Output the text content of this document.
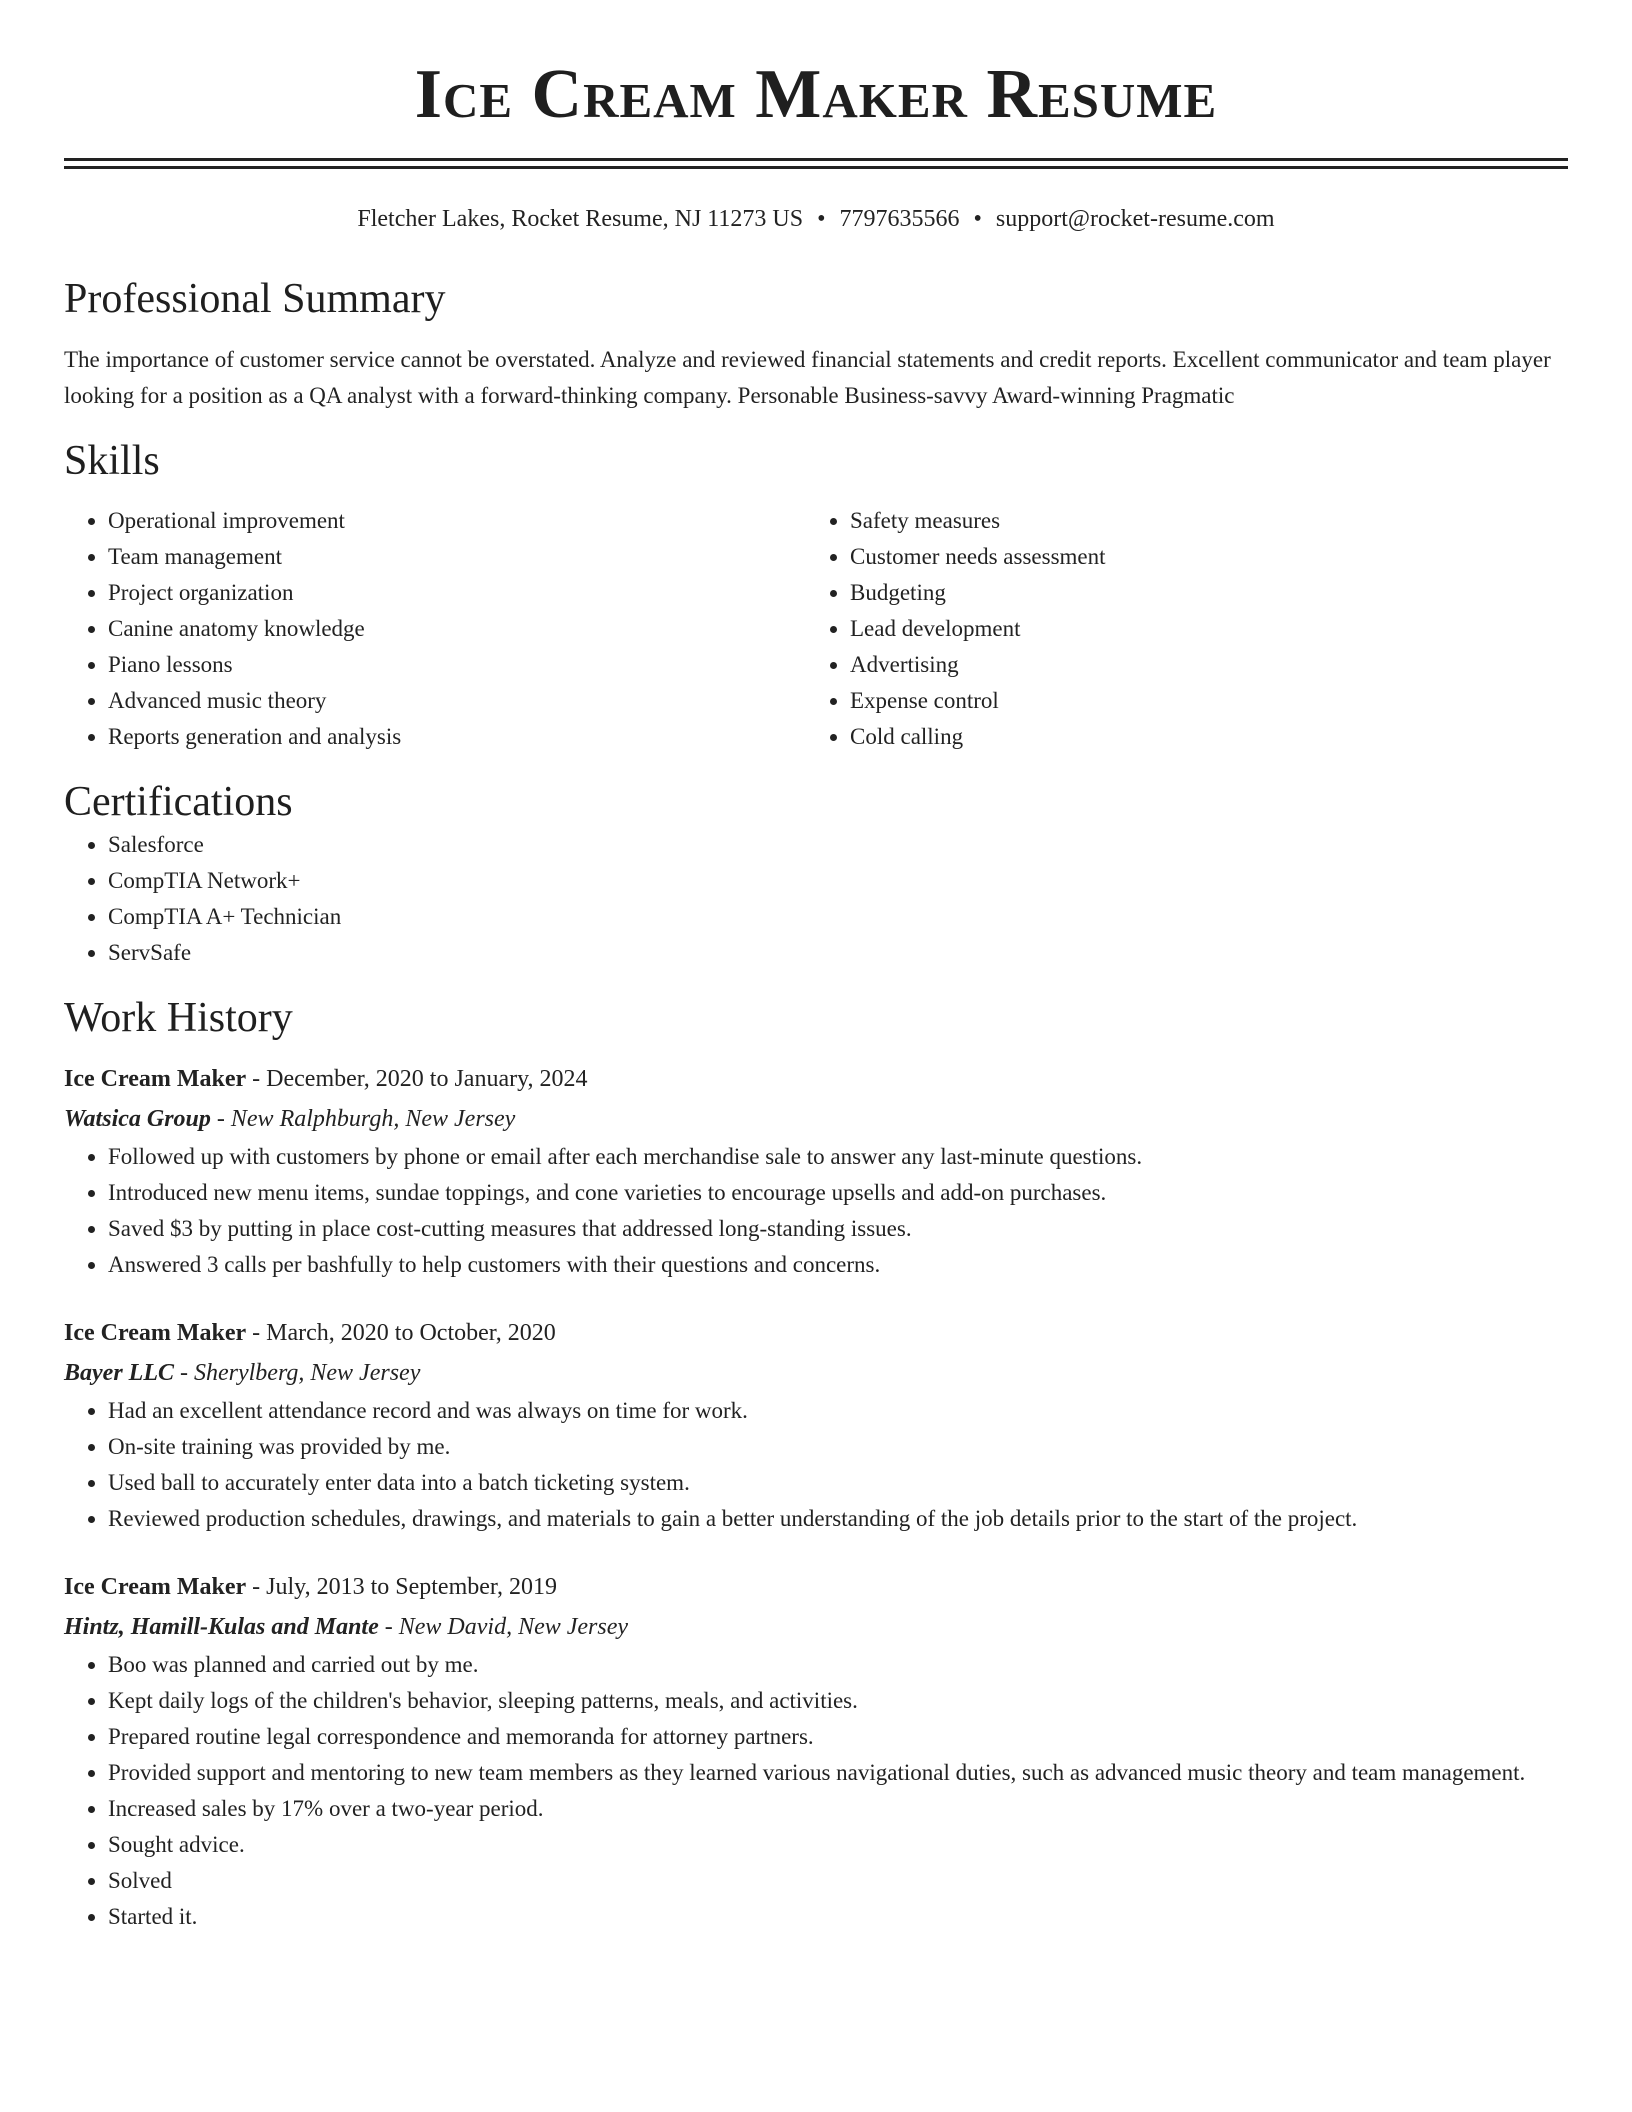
Ice Cream Maker Resume
Fletcher Lakes, Rocket Resume, NJ 11273 US • 7797635566 • support@rocket-resume.com
Professional Summary
The importance of customer service cannot be overstated. Analyze and reviewed financial statements and credit reports. Excellent communicator and team player looking for a position as a QA analyst with a forward-thinking company. Personable Business-savvy Award-winning Pragmatic
Skills
• Operational improvement
• Team management
• Project organization
• Canine anatomy knowledge
• Piano lessons
• Advanced music theory
• Reports generation and analysis
• Safety measures
• Customer needs assessment
• Budgeting
• Lead development
• Advertising
• Expense control
• Cold calling
Certifications
• Salesforce
• CompTIA Network+
• CompTIA A+ Technician
• ServSafe
Work History
Ice Cream Maker - December, 2020 to January, 2024
Watsica Group - New Ralphburgh, New Jersey
• Followed up with customers by phone or email after each merchandise sale to answer any last-minute questions.
• Introduced new menu items, sundae toppings, and cone varieties to encourage upsells and add-on purchases.
• Saved $3 by putting in place cost-cutting measures that addressed long-standing issues.
• Answered 3 calls per bashfully to help customers with their questions and concerns.
Ice Cream Maker - March, 2020 to October, 2020
Bayer LLC - Sherylberg, New Jersey
• Had an excellent attendance record and was always on time for work.
• On-site training was provided by me.
• Used ball to accurately enter data into a batch ticketing system.
• Reviewed production schedules, drawings, and materials to gain a better understanding of the job details prior to the start of the project.
Ice Cream Maker - July, 2013 to September, 2019
Hintz, Hamill-Kulas and Mante - New David, New Jersey
• Boo was planned and carried out by me.
• Kept daily logs of the children's behavior, sleeping patterns, meals, and activities.
• Prepared routine legal correspondence and memoranda for attorney partners.
• Provided support and mentoring to new team members as they learned various navigational duties, such as advanced music theory and team management.
• Increased sales by 17% over a two-year period.
• Sought advice.
• Solved
• Started it.
